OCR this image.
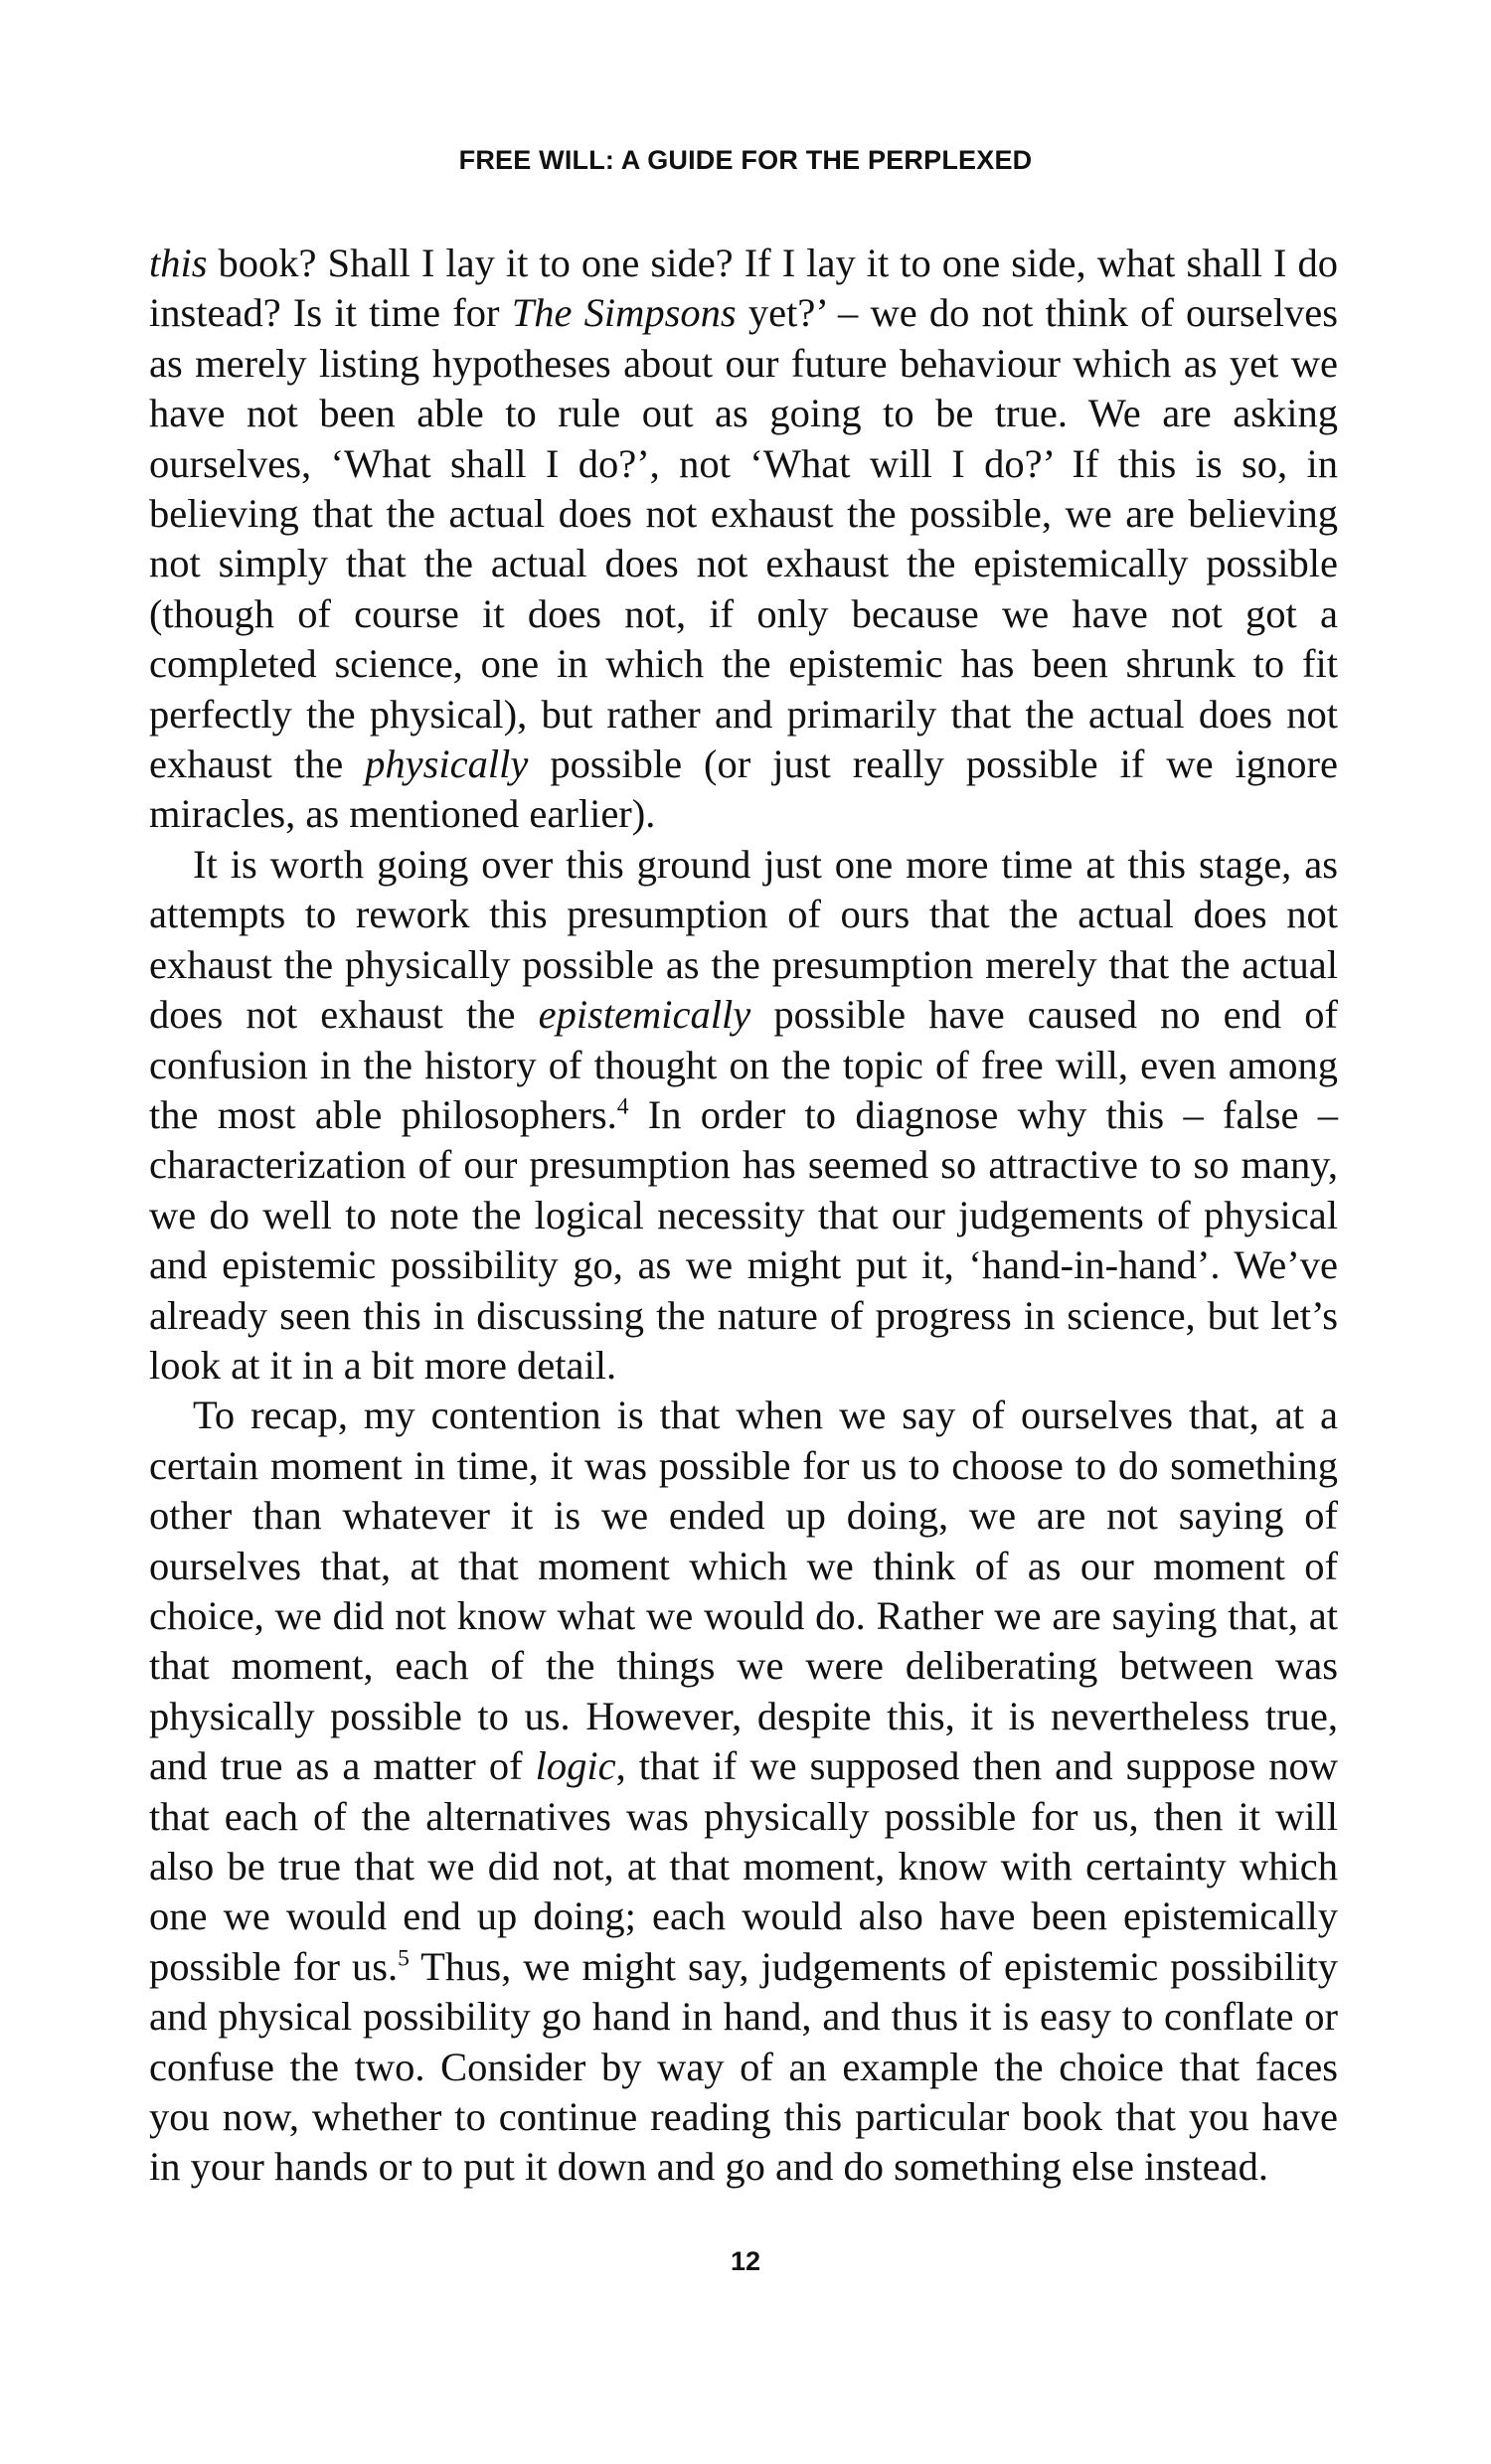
FREE WILL: A GUIDE FOR THE PERPLEXED

this book? Shall I lay it to one side? If I lay it to one side, what shall I do instead? Is it time for The Simpsons yet?’ – we do not think of ourselves as merely listing hypotheses about our future behaviour which as yet we have not been able to rule out as going to be true. We are asking ourselves, ‘What shall I do?’, not ‘What will I do?’ If this is so, in believing that the actual does not exhaust the possible, we are believing not simply that the actual does not exhaust the epistemically possible (though of course it does not, if only because we have not got a completed science, one in which the epistemic has been shrunk to fit perfectly the physical), but rather and primarily that the actual does not exhaust the physically possible (or just really possible if we ignore miracles, as mentioned earlier).

It is worth going over this ground just one more time at this stage, as attempts to rework this presumption of ours that the actual does not exhaust the physically possible as the presumption merely that the actual does not exhaust the epistemically possible have caused no end of confusion in the history of thought on the topic of free will, even among the most able philosophers.$^4$ In order to diagnose why this – false – characterization of our presumption has seemed so attractive to so many, we do well to note the logical necessity that our judgements of physical and epistemic possibility go, as we might put it, ‘hand-in-hand’. We’ve already seen this in discussing the nature of progress in science, but let’s look at it in a bit more detail.

To recap, my contention is that when we say of ourselves that, at a certain moment in time, it was possible for us to choose to do something other than whatever it is we ended up doing, we are not saying of ourselves that, at that moment which we think of as our moment of choice, we did not know what we would do. Rather we are saying that, at that moment, each of the things we were deliberating between was physically possible to us. However, despite this, it is nevertheless true, and true as a matter of logic, that if we supposed then and suppose now that each of the alternatives was physically possible for us, then it will also be true that we did not, at that moment, know with certainty which one we would end up doing; each would also have been epistemically possible for us.$^5$ Thus, we might say, judgements of epistemic possibility and physical possibility go hand in hand, and thus it is easy to conflate or confuse the two. Consider by way of an example the choice that faces you now, whether to continue reading this particular book that you have in your hands or to put it down and go and do something else instead.

12
